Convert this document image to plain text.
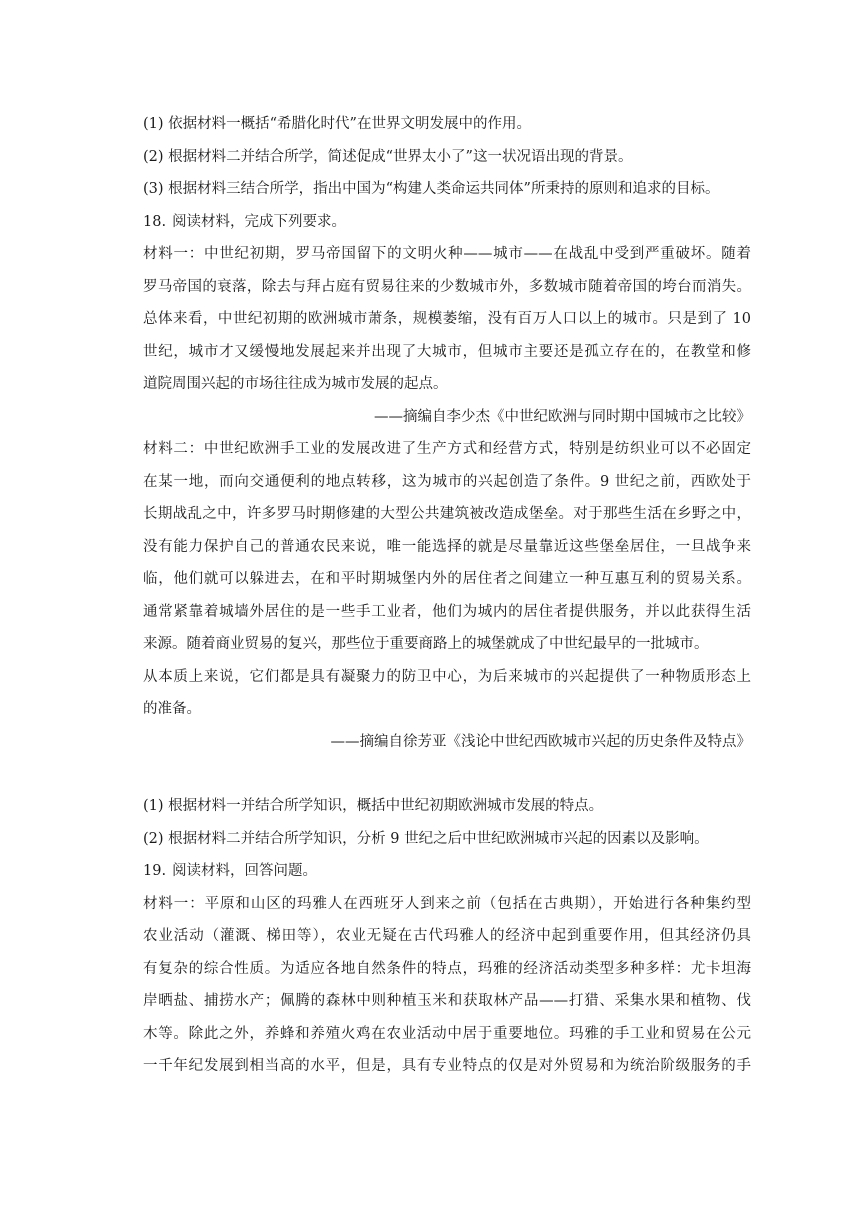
(1) 依据材料一概括“希腊化时代”在世界文明发展中的作用。
(2) 根据材料二并结合所学，简述促成“世界太小了”这一状况语出现的背景。
(3) 根据材料三结合所学，指出中国为“构建人类命运共同体”所秉持的原则和追求的目标。
18. 阅读材料，完成下列要求。
材料一：中世纪初期，罗马帝国留下的文明火种——城市——在战乱中受到严重破坏。随着
罗马帝国的衰落，除去与拜占庭有贸易往来的少数城市外，多数城市随着帝国的垮台而消失。
总体来看，中世纪初期的欧洲城市萧条，规模萎缩，没有百万人口以上的城市。只是到了 10
世纪，城市才又缓慢地发展起来并出现了大城市，但城市主要还是孤立存在的，在教堂和修
道院周围兴起的市场往往成为城市发展的起点。
——摘编自李少杰《中世纪欧洲与同时期中国城市之比较》
材料二：中世纪欧洲手工业的发展改进了生产方式和经营方式，特别是纺织业可以不必固定
在某一地，而向交通便利的地点转移，这为城市的兴起创造了条件。9 世纪之前，西欧处于
长期战乱之中，许多罗马时期修建的大型公共建筑被改造成堡垒。对于那些生活在乡野之中，
没有能力保护自己的普通农民来说，唯一能选择的就是尽量靠近这些堡垒居住，一旦战争来
临，他们就可以躲进去，在和平时期城堡内外的居住者之间建立一种互惠互利的贸易关系。
通常紧靠着城墙外居住的是一些手工业者，他们为城内的居住者提供服务，并以此获得生活
来源。随着商业贸易的复兴，那些位于重要商路上的城堡就成了中世纪最早的一批城市。
从本质上来说，它们都是具有凝聚力的防卫中心，为后来城市的兴起提供了一种物质形态上
的准备。
——摘编自徐芳亚《浅论中世纪西欧城市兴起的历史条件及特点》
(1) 根据材料一并结合所学知识，概括中世纪初期欧洲城市发展的特点。
(2) 根据材料二并结合所学知识，分析 9 世纪之后中世纪欧洲城市兴起的因素以及影响。
19. 阅读材料，回答问题。
材料一：平原和山区的玛雅人在西班牙人到来之前（包括在古典期），开始进行各种集约型
农业活动（灌溉、梯田等），农业无疑在古代玛雅人的经济中起到重要作用，但其经济仍具
有复杂的综合性质。为适应各地自然条件的特点，玛雅的经济活动类型多种多样：尤卡坦海
岸晒盐、捕捞水产；佩腾的森林中则种植玉米和获取林产品——打猎、采集水果和植物、伐
木等。除此之外，养蜂和养殖火鸡在农业活动中居于重要地位。玛雅的手工业和贸易在公元
一千年纪发展到相当高的水平，但是，具有专业特点的仅是对外贸易和为统治阶级服务的手
